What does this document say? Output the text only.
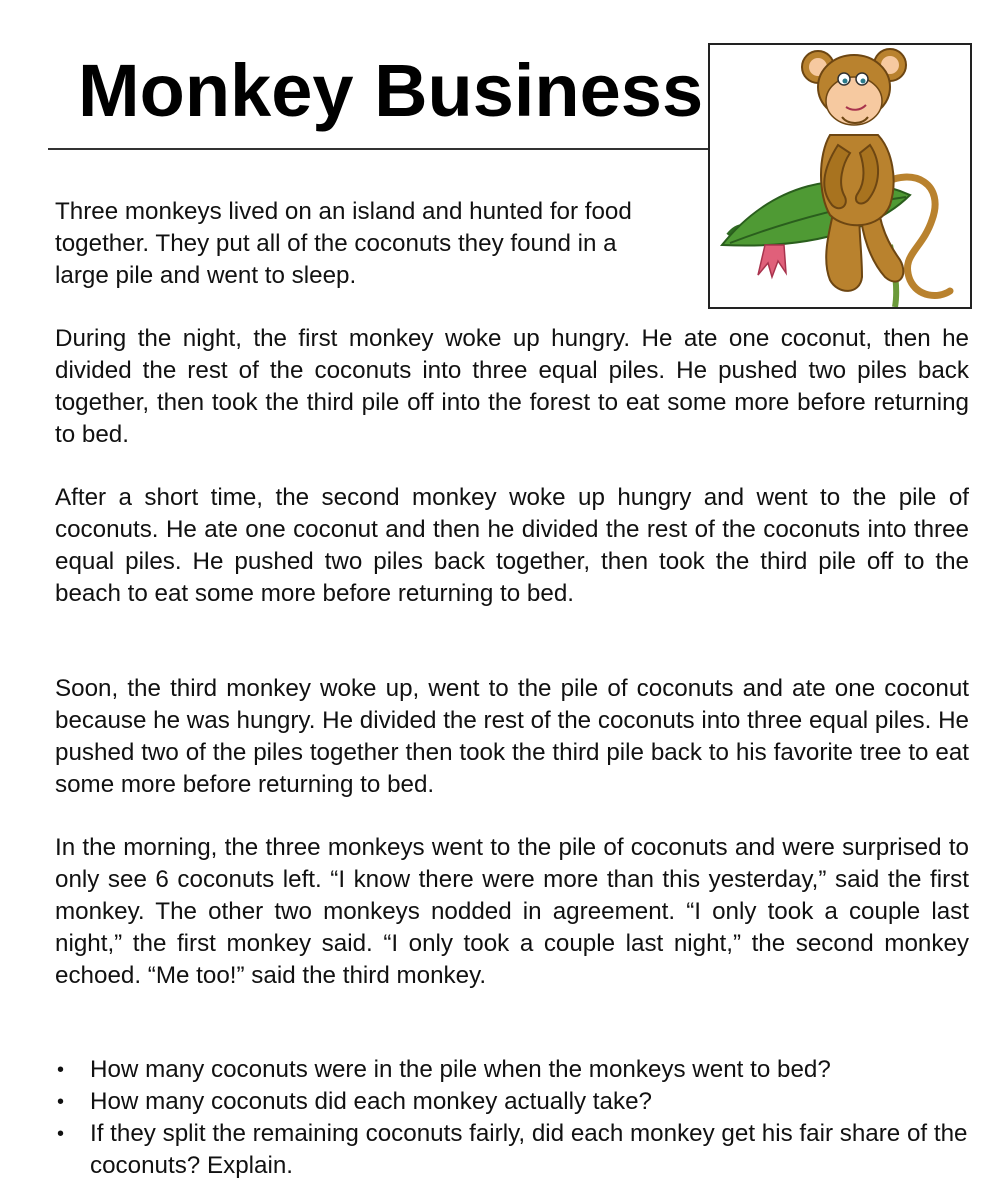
Monkey Business

Three monkeys lived on an island and hunted for food together. They put all of the coconuts they found in a large pile and went to sleep.

During the night, the first monkey woke up hungry. He ate one coconut, then he divided the rest of the coconuts into three equal piles. He pushed two piles back together, then took the third pile off into the forest to eat some more before returning to bed.

After a short time, the second monkey woke up hungry and went to the pile of coconuts. He ate one coconut and then he divided the rest of the coconuts into three equal piles. He pushed two piles back together, then took the third pile off to the beach to eat some more before returning to bed.

Soon, the third monkey woke up, went to the pile of coconuts and ate one coconut because he was hungry. He divided the rest of the coconuts into three equal piles. He pushed two of the piles together then took the third pile back to his favorite tree to eat some more before returning to bed.

In the morning, the three monkeys went to the pile of coconuts and were surprised to only see 6 coconuts left. “I know there were more than this yesterday,” said the first monkey. The other two monkeys nodded in agreement. “I only took a couple last night,” the first monkey said. “I only took a couple last night,” the second monkey echoed. “Me too!” said the third monkey.

• How many coconuts were in the pile when the monkeys went to bed?
• How many coconuts did each monkey actually take?
• If they split the remaining coconuts fairly, did each monkey get his fair share of the coconuts? Explain.
